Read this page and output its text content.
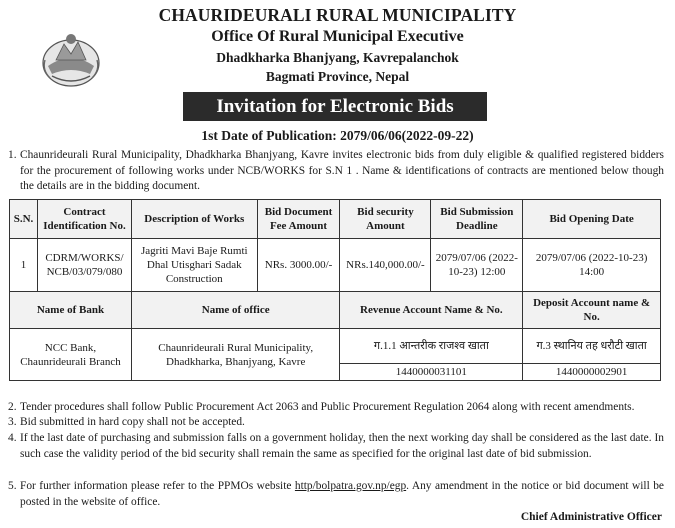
CHAURIDEURALI RURAL MUNICIPALITY
Office Of Rural Municipal Executive
Dhadkharka Bhanjyang, Kavrepalanchok
Bagmati Province, Nepal
Invitation for Electronic Bids
1st Date of Publication: 2079/06/06(2022-09-22)
1. Chaunrideurali Rural Municipality, Dhadkharka Bhanjyang, Kavre invites electronic bids from duly eligible & qualified registered bidders for the procurement of following works under NCB/WORKS for S.N 1 . Name & identifications of contracts are mentioned below though the details are in the bidding document.
S.N.	Contract Identification No.	Description of Works	Bid Document Fee Amount	Bid security Amount	Bid Submission Deadline	Bid Opening Date
1	CDRM/WORKS/ NCB/03/079/080	Jagriti Mavi Baje Rumti Dhal Utisghari Sadak Construction	NRs. 3000.00/-	NRs.140,000.00/-	2079/07/06 (2022-10-23) 12:00	2079/07/06 (2022-10-23) 14:00
Name of Bank		Name of office		Revenue Account Name & No.		Deposit Account name & No.
NCC Bank, Chaunrideurali Branch		Chaunrideurali Rural Municipality, Dhadkharka, Bhanjyang, Kavre		ग.1.1 आन्तरीक राजश्व खाता		ग.3 स्थानिय तह धरौटी खाता
				1440000031101		1440000002901
2. Tender procedures shall follow Public Procurement Act 2063 and Public Procurement Regulation 2064 along with recent amendments.
3. Bid submitted in hard copy shall not be accepted.
4. If the last date of purchasing and submission falls on a government holiday, then the next working day shall be considered as the last date. In such case the validity period of the bid security shall remain the same as specified for the original last date of bid submission.
5. For further information please refer to the PPMOs website http/bolpatra.gov.np/egp. Any amendment in the notice or bid document will be posted in the website of office.
Chief Administrative Officer
